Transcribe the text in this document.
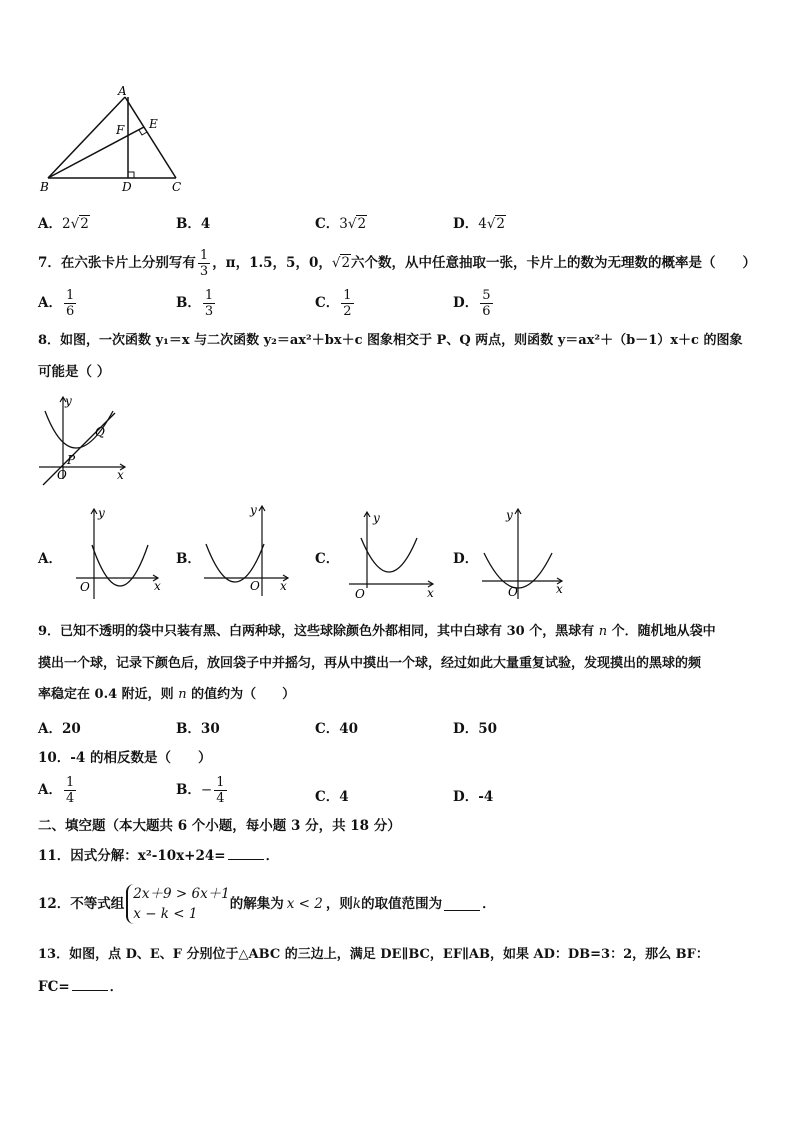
A
E
F
B	D	C
A．2√2	B．4	C．3√2	D．4√2
7．在六张卡片上分别写有 $\frac{1}{3}$ ，π，1.5，5，0，√2六个数，从中任意抽取一张，卡片上的数为无理数的概率是（　　）
A． $\frac{1}{6}$	B． $\frac{1}{3}$	C． $\frac{1}{2}$	D． $\frac{5}{6}$
8．如图，一次函数 y₁＝x 与二次函数 y₂＝ax²＋bx＋c 图象相交于 P、Q 两点，则函数 y＝ax²＋（b－1）x＋c 的图象
可能是（ ）
y
x
O
P
Q
A．
y
x
O
B．
y
x
O
C．
y
x
O
D．
y
x
O
9．已知不透明的袋中只装有黑、白两种球，这些球除颜色外都相同，其中白球有 30 个，黑球有 n 个．随机地从袋中
摸出一个球，记录下颜色后，放回袋子中并摇匀，再从中摸出一个球，经过如此大量重复试验，发现摸出的黑球的频
率稳定在 0.4 附近，则 n 的值约为（　　）
A．20	B．30	C．40	D．50
10．-4 的相反数是（　　）
A． $\frac{1}{4}$	B．− $\frac{1}{4}$	C．4	D．-4
二、填空题（本大题共 6 个小题，每小题 3 分，共 18 分）
11．因式分解：x²-10x+24=	．
12．不等式组
2x＋9 > 6x＋1
x − k < 1
的解集为 x < 2 ，则k的取值范围为	．
13．如图，点 D、E、F 分别位于△ABC 的三边上，满足 DE∥BC，EF∥AB，如果 AD：DB=3：2，那么 BF：
FC=	．
